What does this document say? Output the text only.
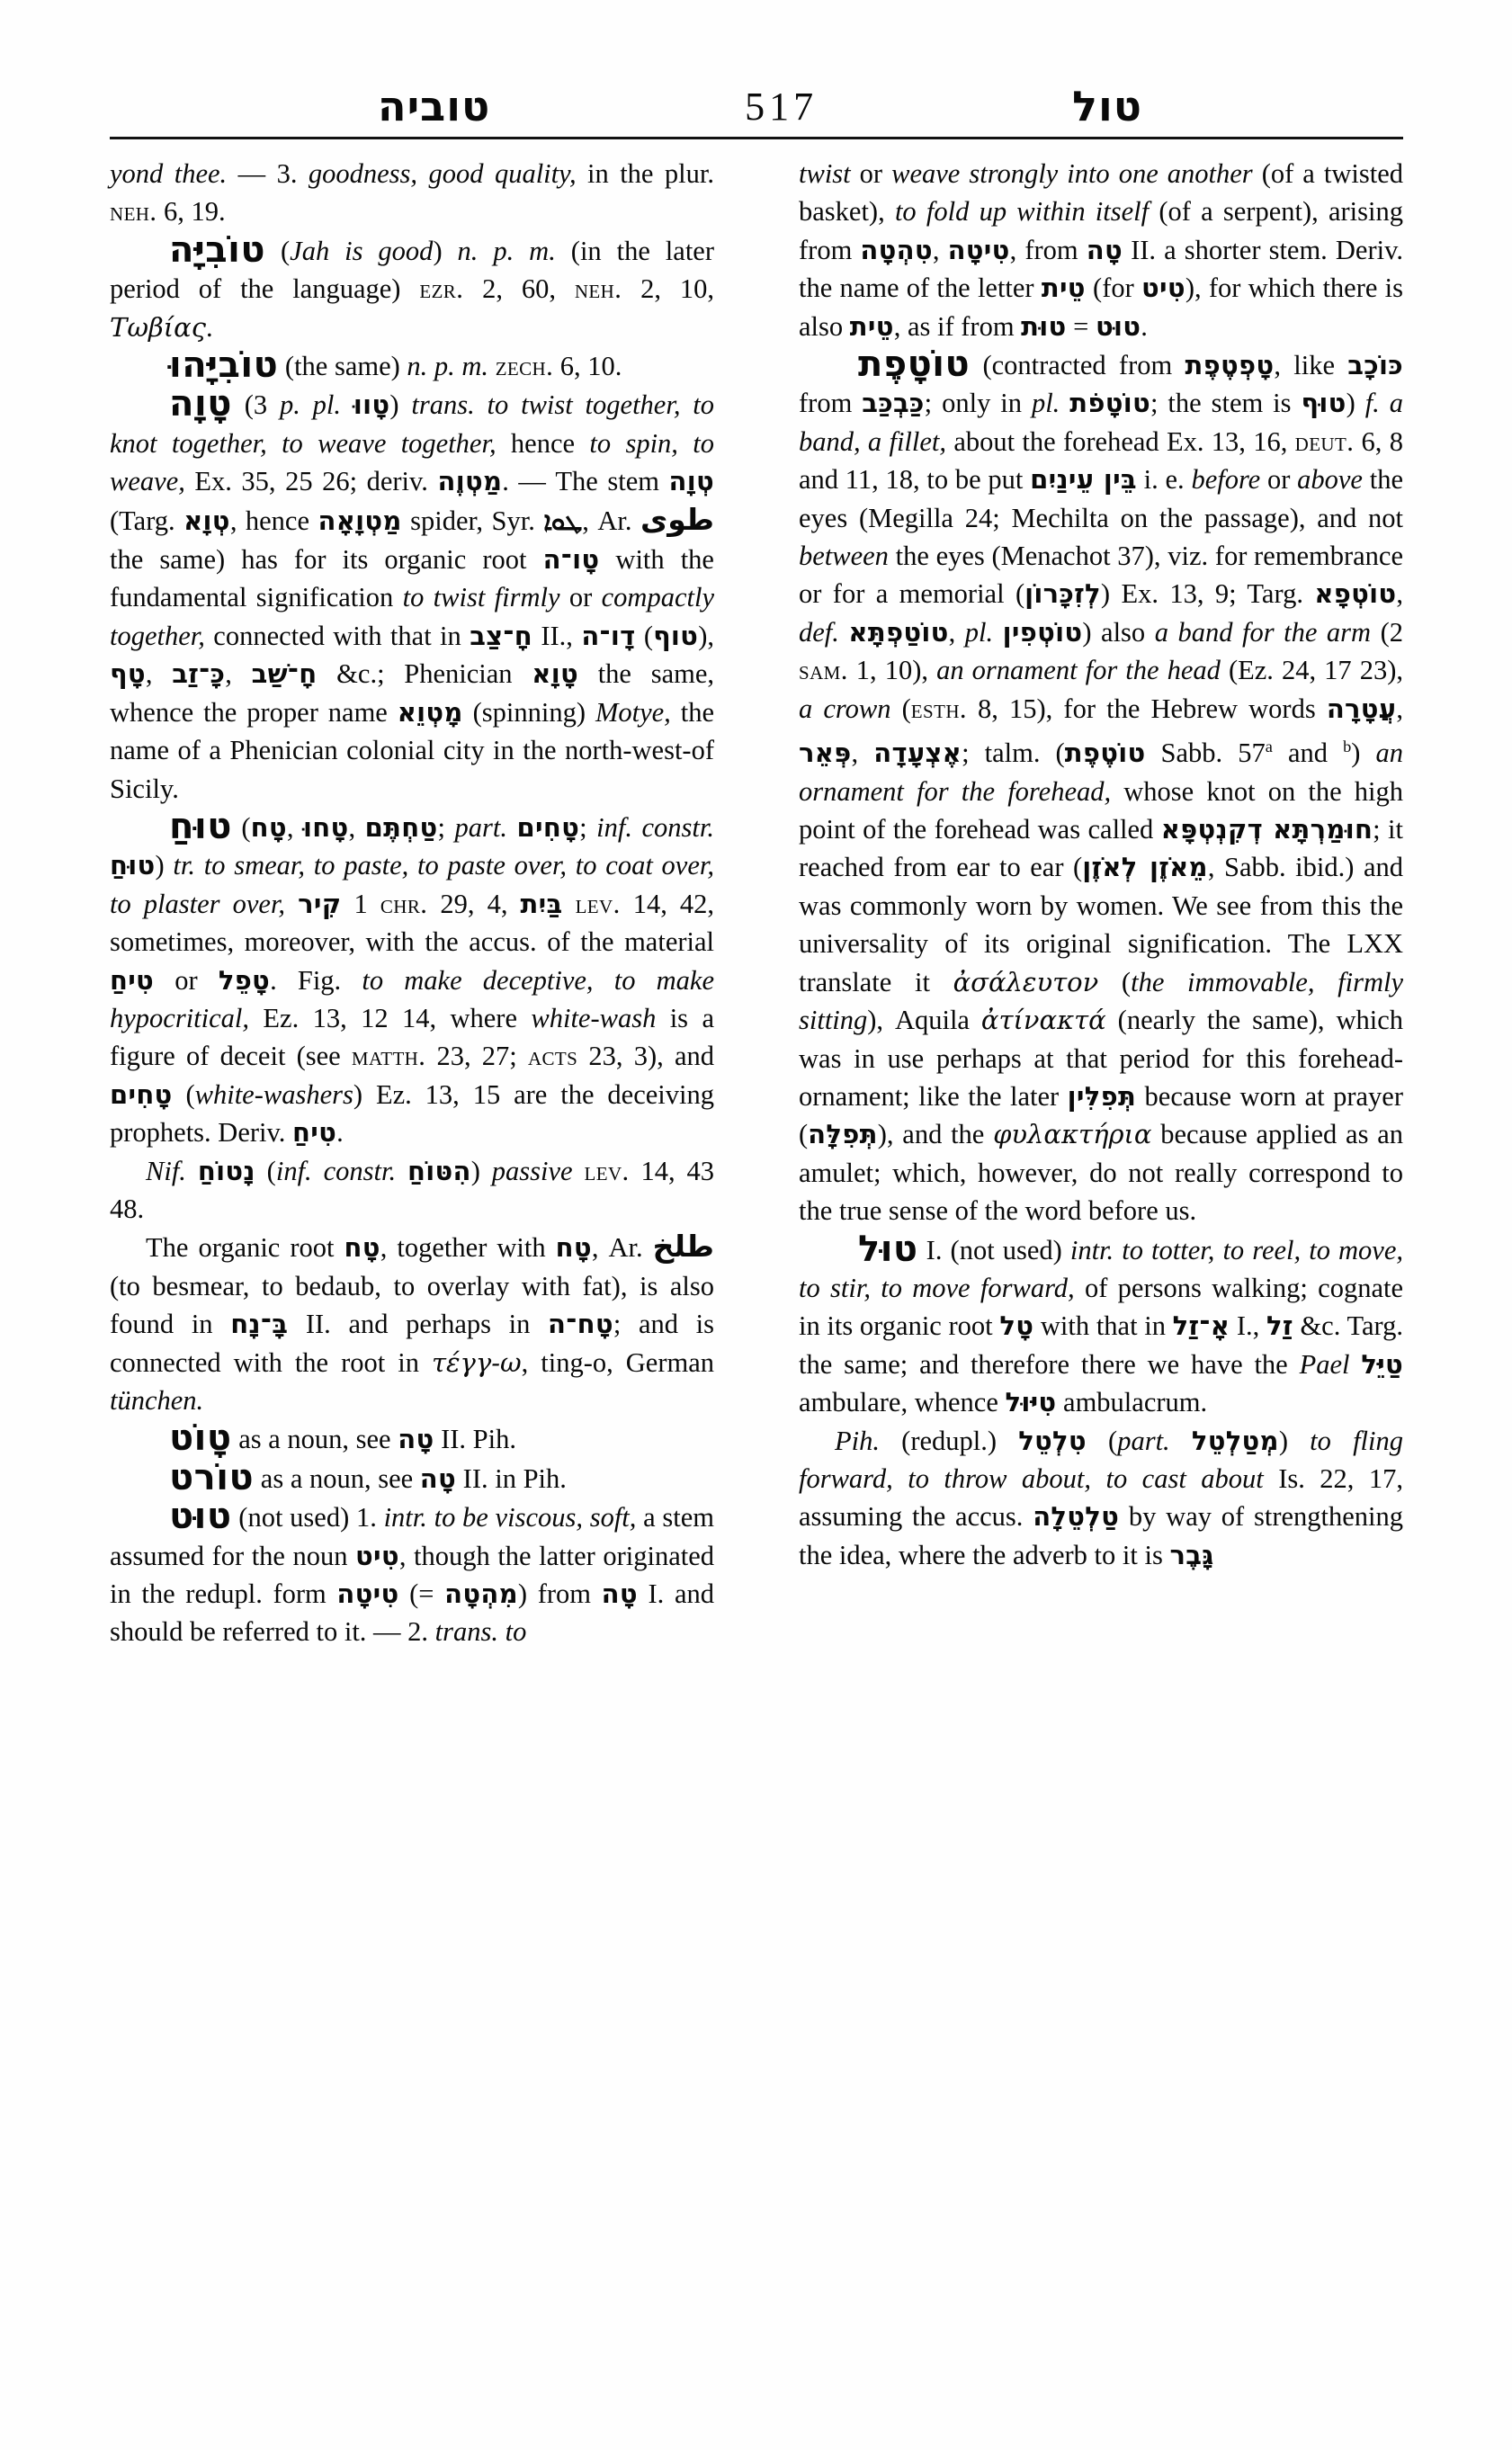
טוביה	517	טול

yond thee. — 3. goodness, good quality, in the plur. neh. 6, 19.

טוֹבִיָּה (Jah is good) n. p. m. (in the later period of the language) ezr. 2, 60, neh. 2, 10, Τωβίας.

טוֹבִיָּהוּ (the same) n. p. m. zech. 6, 10.

טָוָה (3 p. pl. טָווּ) trans. to twist together, to knot together, to weave together, hence to spin, to weave, Ex. 35, 25 26; deriv. מַטְוֶה. — The stem טְוָה (Targ. טְוָא, hence מַטְוָאָה spider, Syr. ܛܘܐ, Ar. طوى the same) has for its organic root טָו־ה with the fundamental signification to twist firmly or compactly together, connected with that in חָ־צַב II., דָו־ה (טוף), טָף, כָּ־זַב, חָ־שַׁב &c.; Phenician טָוָא the same, whence the proper name מָטְוֵא (spinning) Motye, the name of a Phenician colonial city in the north-west-of Sicily.

טוּחַ (טָח, טָחוּ, טַחְתֶּם; part. טָחִים; inf. constr. טוּחַ) tr. to smear, to paste, to paste over, to coat over, to plaster over, קִיר 1 chr. 29, 4, בַּיִת lev. 14, 42, sometimes, moreover, with the accus. of the material טִיחַ or טָפֵל. Fig. to make deceptive, to make hypocritical, Ez. 13, 12 14, where white-wash is a figure of deceit (see matth. 23, 27; acts 23, 3), and טָחִים (white-washers) Ez. 13, 15 are the deceiving prophets. Deriv. טִיחַ.

Nif. נָטוֹחַ (inf. constr. הִטּוֹחַ) passive lev. 14, 43 48.

The organic root טָח, together with טָח, Ar. طلخ (to besmear, to bedaub, to overlay with fat), is also found in בָּ־נָח II. and perhaps in טָח־ה; and is connected with the root in τέγγ-ω, ting-o, German tünchen.

טָוֹט as a noun, see טָה II. Pih.

טוֹרט as a noun, see טָה II. in Pih.

טוּט (not used) 1. intr. to be viscous, soft, a stem assumed for the noun טִיט, though the latter originated in the redupl. form טִיטָה (= מִהְטָה) from טָה I. and should be referred to it. — 2. trans. to

twist or weave strongly into one another (of a twisted basket), to fold up within itself (of a serpent), arising from טִהְטָה, טִיטָה, from טָה II. a shorter stem. Deriv. the name of the letter טֵית (for טִיט), for which there is also טֵית, as if from טוּת = טוּט.

טוֹטָפֶת (contracted from טָפְטֶפֶת, like כּוֹכָב from כַּבְכַּב; only in pl. טוֹטָפֹת; the stem is טוּף) f. a band, a fillet, about the forehead Ex. 13, 16, deut. 6, 8 and 11, 18, to be put בֵּין עֵינַיִם i. e. before or above the eyes (Megilla 24; Mechilta on the passage), and not between the eyes (Menachot 37), viz. for remembrance or for a memorial (לְזִכָּרוֹן) Ex. 13, 9; Targ. טוֹטְפָא, def. טוֹטַפְתָּא, pl. טוֹטְפִין) also a band for the arm (2 sam. 1, 10), an ornament for the head (Ez. 24, 17 23), a crown (esth. 8, 15), for the Hebrew words עֲטָרָה, פְּאֵר, אֶצְעָדָה; talm. (טוֹטֶפֶת Sabb. 57$^a$ and $^b$) an ornament for the forehead, whose knot on the high point of the forehead was called חוּמַרְתָּא דְקִנְטְפָּא; it reached from ear to ear (מֵאֹזֶן לְאֹזֶן, Sabb. ibid.) and was commonly worn by women. We see from this the universality of its original signification. The LXX translate it ἀσάλευτον (the immovable, firmly sitting), Aquila ἀτίνακτά (nearly the same), which was in use perhaps at that period for this forehead-ornament; like the later תְּפִלִּין because worn at prayer (תְּפִלָּה), and the φυλακτήρια because applied as an amulet; which, however, do not really correspond to the true sense of the word before us.

טוּל I. (not used) intr. to totter, to reel, to move, to stir, to move forward, of persons walking; cognate in its organic root טָל with that in אָ־זַל I., זַל &c. Targ. the same; and therefore there we have the Pael טַיֵּל ambulare, whence טִיּוּל ambulacrum.

Pih. (redupl.) טִלְטֵל (part. מְטַלְטֵל) to fling forward, to throw about, to cast about Is. 22, 17, assuming the accus. טַלְטֵלָה by way of strengthening the idea, where the adverb to it is גָּבֶר
